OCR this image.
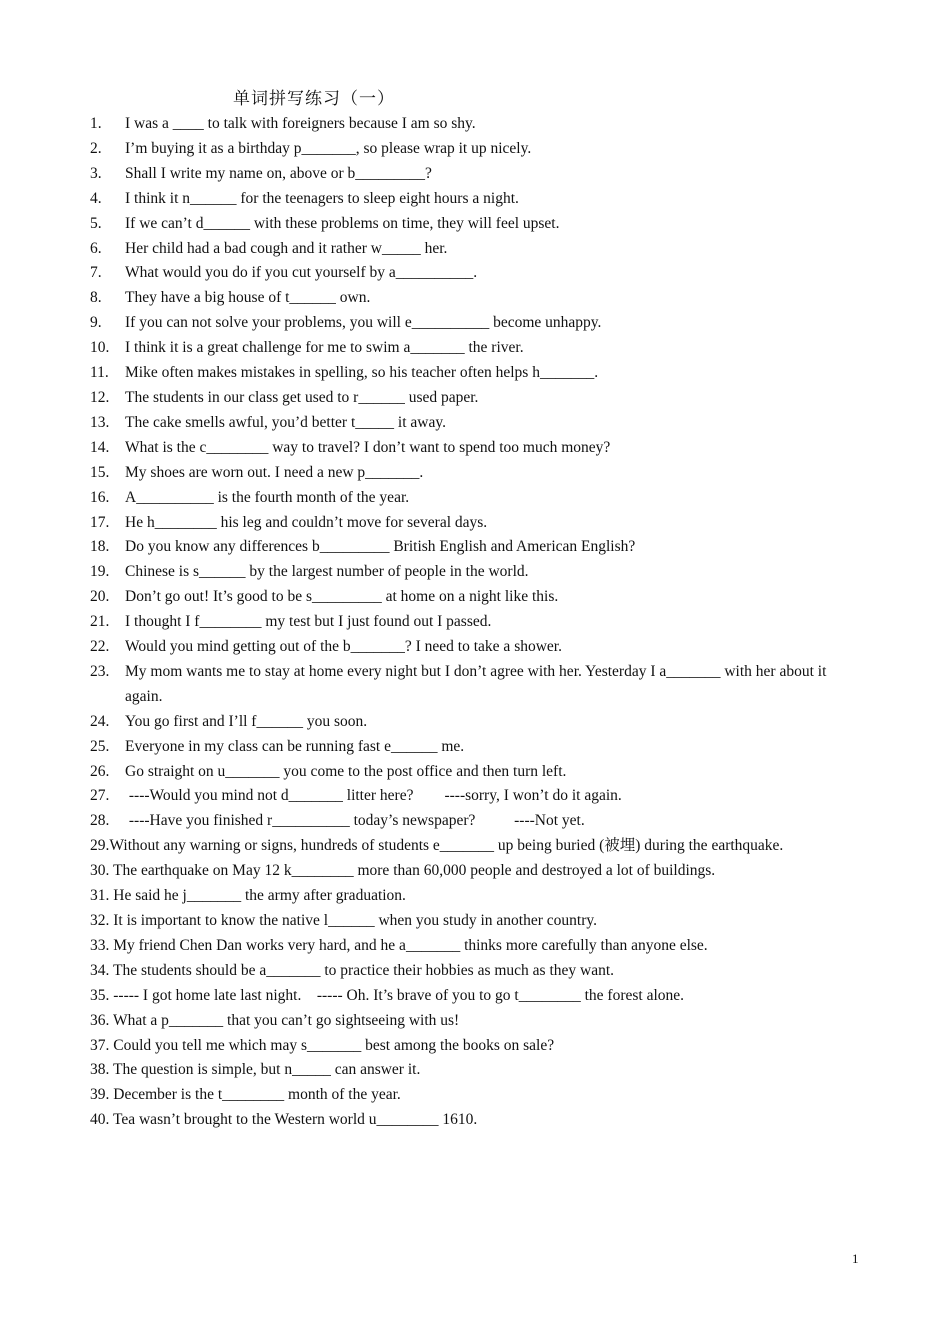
单词拼写练习（一）
1.	I was a ____ to talk with foreigners because I am so shy.
2.	I’m buying it as a birthday p_______, so please wrap it up nicely.
3.	Shall I write my name on, above or b_________?
4.	I think it n______ for the teenagers to sleep eight hours a night.
5.	If we can’t d______ with these problems on time, they will feel upset.
6.	Her child had a bad cough and it rather w_____ her.
7.	What would you do if you cut yourself by a__________.
8.	They have a big house of t______ own.
9.	If you can not solve your problems, you will e__________ become unhappy.
10.	I think it is a great challenge for me to swim a_______ the river.
11.	Mike often makes mistakes in spelling, so his teacher often helps h_______.
12.	The students in our class get used to r______ used paper.
13.	The cake smells awful, you’d better t_____ it away.
14.	What is the c________ way to travel? I don’t want to spend too much money?
15.	My shoes are worn out. I need a new p_______.
16.	A__________ is the fourth month of the year.
17.	He h________ his leg and couldn’t move for several days.
18.	Do you know any differences b_________ British English and American English?
19.	Chinese is s______ by the largest number of people in the world.
20.	Don’t go out! It’s good to be s_________ at home on a night like this.
21.	I thought I f________ my test but I just found out I passed.
22.	Would you mind getting out of the b_______? I need to take a shower.
23.	My mom wants me to stay at home every night but I don’t agree with her. Yesterday I a_______ with her about it again.
24.	You go first and I’ll f______ you soon.
25.	Everyone in my class can be running fast e______ me.
26.	Go straight on u_______ you come to the post office and then turn left.
27.	----Would you mind not d_______ litter here?        ----sorry, I won’t do it again.
28.	----Have you finished r__________ today’s newspaper?          ----Not yet.
29. Without any warning or signs, hundreds of students e_______ up being buried (被埋) during the earthquake.
30. The earthquake on May 12 k________ more than 60,000 people and destroyed a lot of buildings.
31. He said he j_______ the army after graduation.
32. It is important to know the native l______ when you study in another country.
33. My friend Chen Dan works very hard, and he a_______ thinks more carefully than anyone else.
34. The students should be a_______ to practice their hobbies as much as they want.
35. ----- I got home late last night.    ----- Oh. It’s brave of you to go t________ the forest alone.
36. What a p_______ that you can’t go sightseeing with us!
37. Could you tell me which may s_______ best among the books on sale?
38. The question is simple, but n_____ can answer it.
39. December is the t________ month of the year.
40. Tea wasn’t brought to the Western world u________ 1610.
1
